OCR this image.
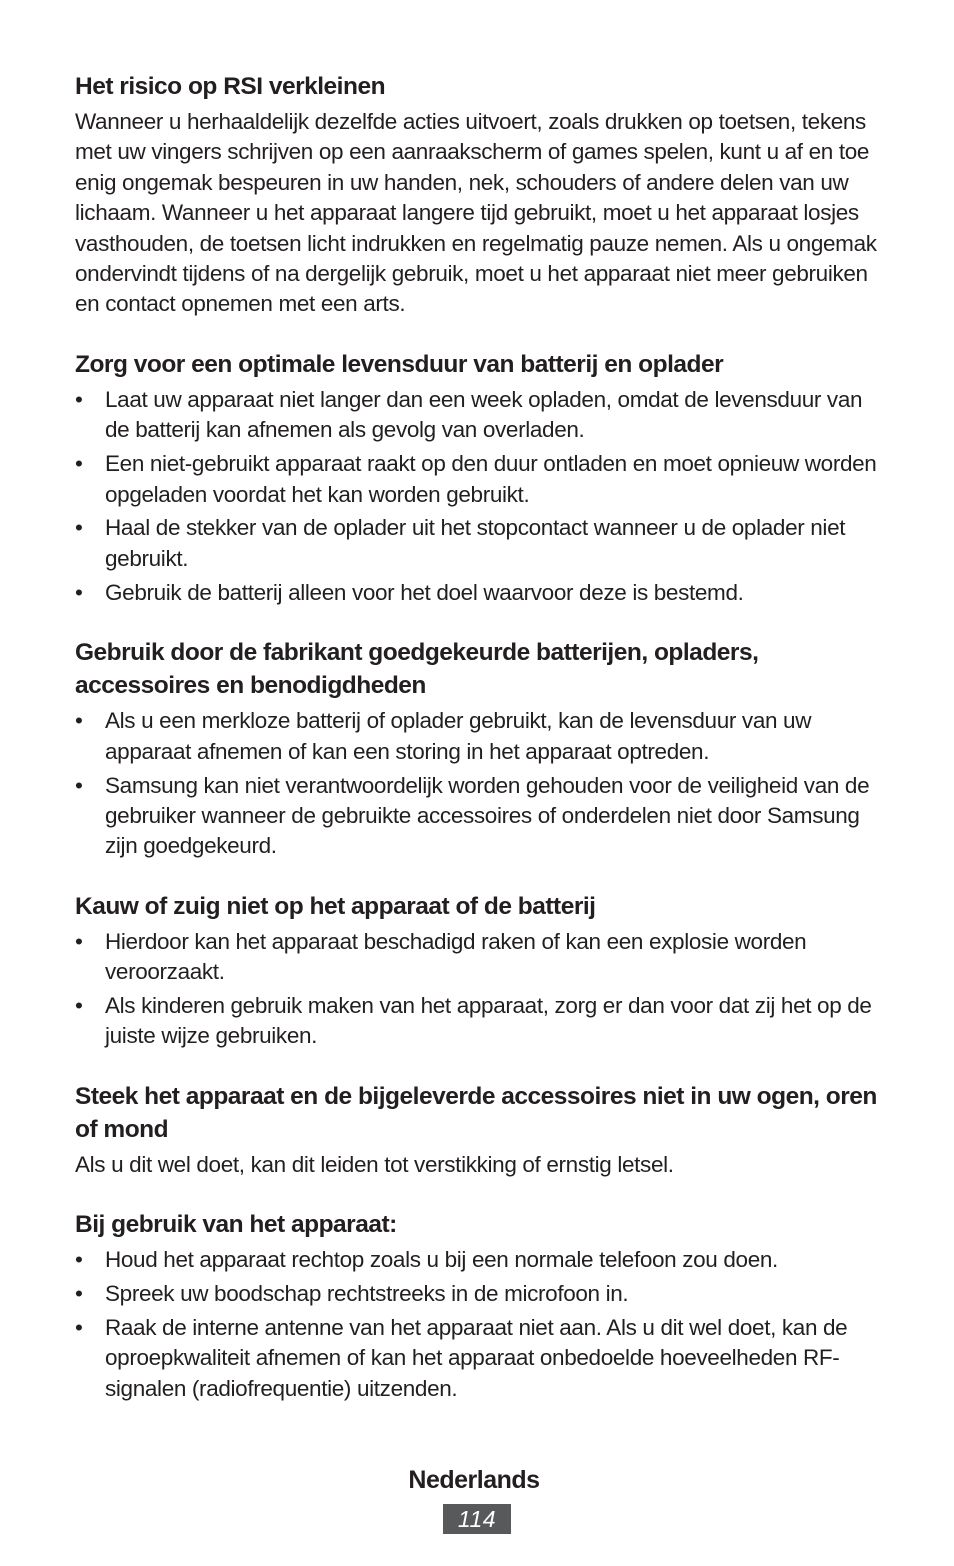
Het risico op RSI verkleinen

Wanneer u herhaaldelijk dezelfde acties uitvoert, zoals drukken op toetsen, tekens met uw vingers schrijven op een aanraakscherm of games spelen, kunt u af en toe enig ongemak bespeuren in uw handen, nek, schouders of andere delen van uw lichaam. Wanneer u het apparaat langere tijd gebruikt, moet u het apparaat losjes vasthouden, de toetsen licht indrukken en regelmatig pauze nemen. Als u ongemak ondervindt tijdens of na dergelijk gebruik, moet u het apparaat niet meer gebruiken en contact opnemen met een arts.

Zorg voor een optimale levensduur van batterij en oplader
• Laat uw apparaat niet langer dan een week opladen, omdat de levensduur van de batterij kan afnemen als gevolg van overladen.
• Een niet-gebruikt apparaat raakt op den duur ontladen en moet opnieuw worden opgeladen voordat het kan worden gebruikt.
• Haal de stekker van de oplader uit het stopcontact wanneer u de oplader niet gebruikt.
• Gebruik de batterij alleen voor het doel waarvoor deze is bestemd.
Gebruik door de fabrikant goedgekeurde batterijen, opladers, accessoires en benodigdheden
• Als u een merkloze batterij of oplader gebruikt, kan de levensduur van uw apparaat afnemen of kan een storing in het apparaat optreden.
• Samsung kan niet verantwoordelijk worden gehouden voor de veiligheid van de gebruiker wanneer de gebruikte accessoires of onderdelen niet door Samsung zijn goedgekeurd.
Kauw of zuig niet op het apparaat of de batterij
• Hierdoor kan het apparaat beschadigd raken of kan een explosie worden veroorzaakt.
• Als kinderen gebruik maken van het apparaat, zorg er dan voor dat zij het op de juiste wijze gebruiken.
Steek het apparaat en de bijgeleverde accessoires niet in uw ogen, oren of mond

Als u dit wel doet, kan dit leiden tot verstikking of ernstig letsel.

Bij gebruik van het apparaat:
• Houd het apparaat rechtop zoals u bij een normale telefoon zou doen.
• Spreek uw boodschap rechtstreeks in de microfoon in.
• Raak de interne antenne van het apparaat niet aan. Als u dit wel doet, kan de oproepkwaliteit afnemen of kan het apparaat onbedoelde hoeveelheden RF-signalen (radiofrequentie) uitzenden.
Nederlands
114
